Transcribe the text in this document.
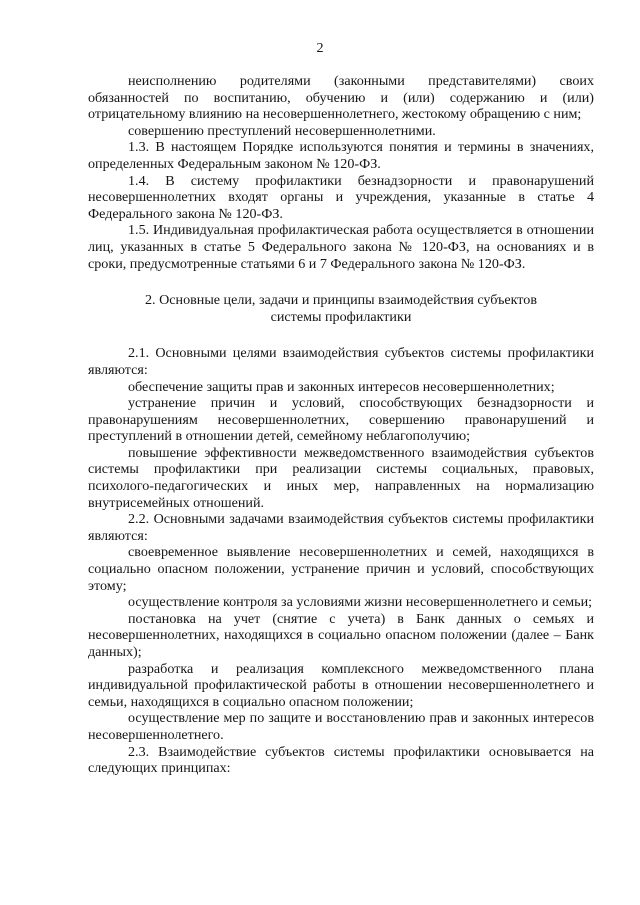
2

неисполнению родителями (законными представителями) своих обязанностей по воспитанию, обучению и (или) содержанию и (или) отрицательному влиянию на несовершеннолетнего, жестокому обращению с ним;

совершению преступлений несовершеннолетними.

1.3. В настоящем Порядке используются понятия и термины в значениях, определенных Федеральным законом № 120-ФЗ.

1.4. В систему профилактики безнадзорности и правонарушений несовершеннолетних входят органы и учреждения, указанные в статье 4 Федерального закона № 120-ФЗ.

1.5. Индивидуальная профилактическая работа осуществляется в отношении лиц, указанных в статье 5 Федерального закона № 120-ФЗ, на основаниях и в сроки, предусмотренные статьями 6 и 7 Федерального закона № 120-ФЗ.

2. Основные цели, задачи и принципы взаимодействия субъектов

системы профилактики

2.1. Основными целями взаимодействия субъектов системы профилактики являются:

обеспечение защиты прав и законных интересов несовершеннолетних;

устранение причин и условий, способствующих безнадзорности и правонарушениям несовершеннолетних, совершению правонарушений и преступлений в отношении детей, семейному неблагополучию;

повышение эффективности межведомственного взаимодействия субъектов системы профилактики при реализации системы социальных, правовых, психолого-педагогических и иных мер, направленных на нормализацию внутрисемейных отношений.

2.2. Основными задачами взаимодействия субъектов системы профилактики являются:

своевременное выявление несовершеннолетних и семей, находящихся в социально опасном положении, устранение причин и условий, способствующих этому;

осуществление контроля за условиями жизни несовершеннолетнего и семьи;

постановка на учет (снятие с учета) в Банк данных о семьях и несовершеннолетних, находящихся в социально опасном положении (далее – Банк данных);

разработка и реализация комплексного межведомственного плана индивидуальной профилактической работы в отношении несовершеннолетнего и семьи, находящихся в социально опасном положении;

осуществление мер по защите и восстановлению прав и законных интересов несовершеннолетнего.

2.3. Взаимодействие субъектов системы профилактики основывается на следующих принципах:
